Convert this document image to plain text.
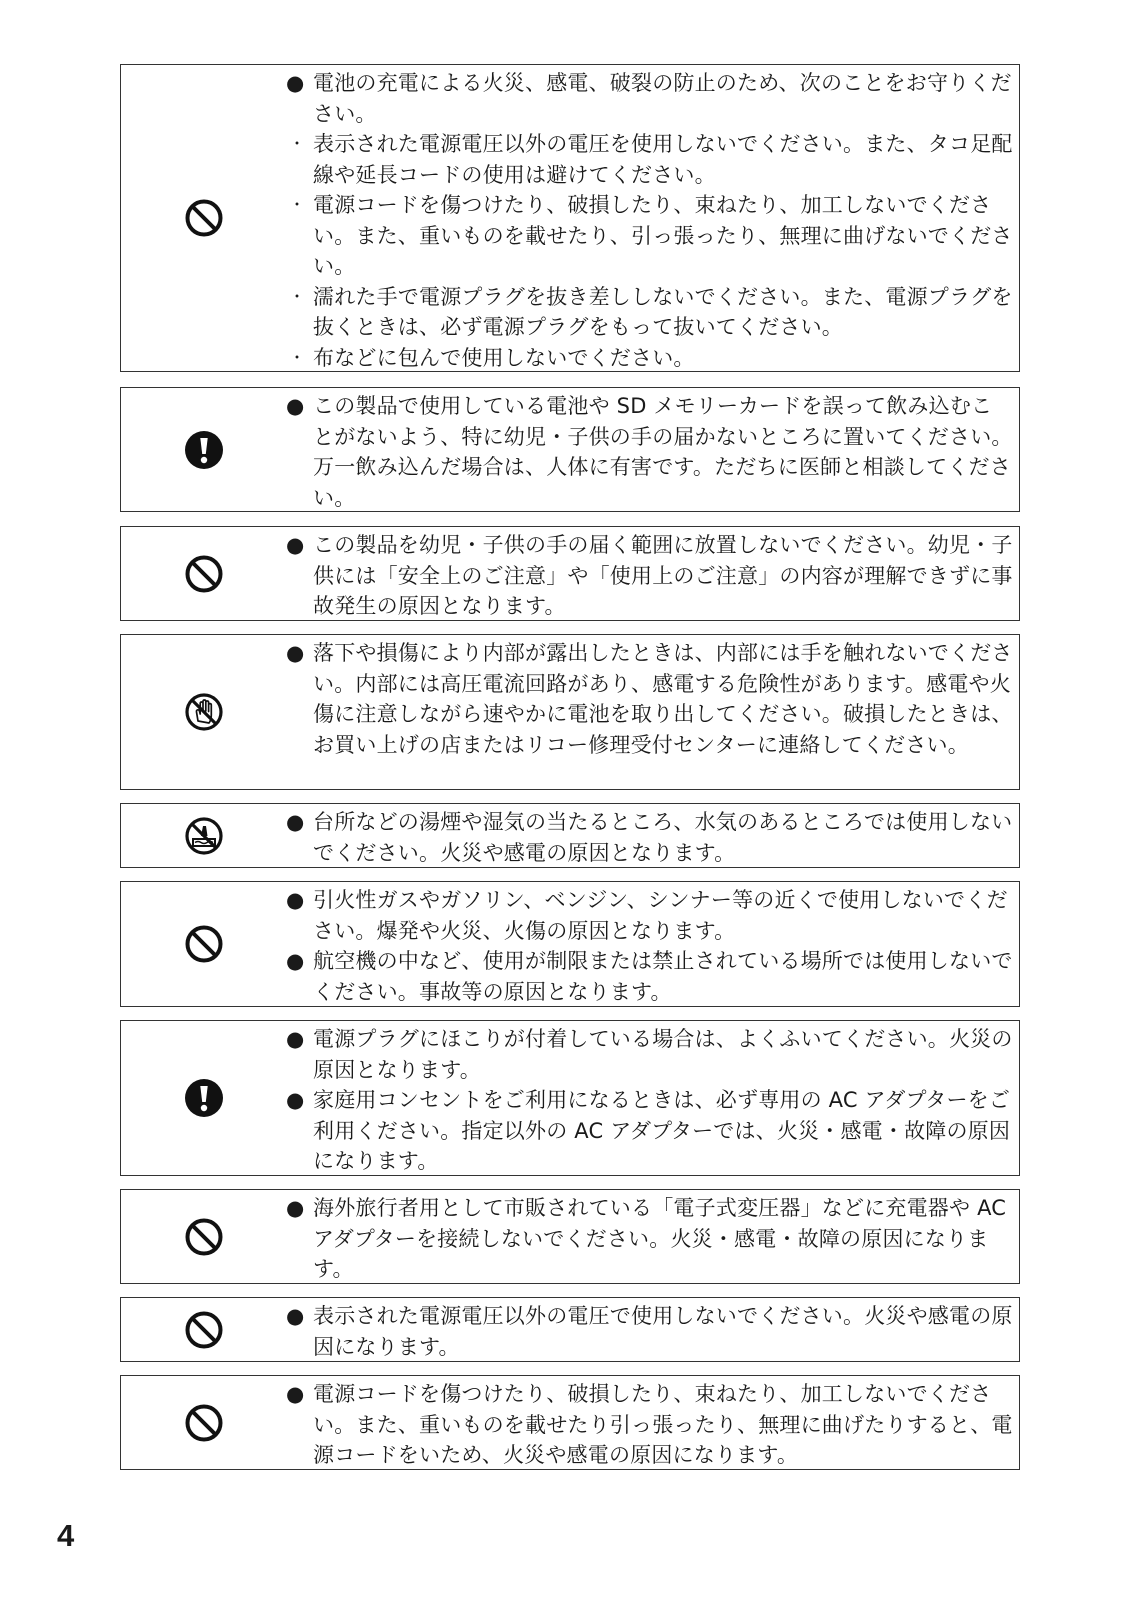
● 電池の充電による火災、感電、破裂の防止のため、次のことをお守りください。
・ 表示された電源電圧以外の電圧を使用しないでください。また、タコ足配線や延長コードの使用は避けてください。
・ 電源コードを傷つけたり、破損したり、束ねたり、加工しないでください。また、重いものを載せたり、引っ張ったり、無理に曲げないでください。
・ 濡れた手で電源プラグを抜き差ししないでください。また、電源プラグを抜くときは、必ず電源プラグをもって抜いてください。
・ 布などに包んで使用しないでください。
● この製品で使用している電池や SD メモリーカードを誤って飲み込むことがないよう、特に幼児・子供の手の届かないところに置いてください。万一飲み込んだ場合は、人体に有害です。ただちに医師と相談してください。
● この製品を幼児・子供の手の届く範囲に放置しないでください。幼児・子供には「安全上のご注意」や「使用上のご注意」の内容が理解できずに事故発生の原因となります。
● 落下や損傷により内部が露出したときは、内部には手を触れないでください。内部には高圧電流回路があり、感電する危険性があります。感電や火傷に注意しながら速やかに電池を取り出してください。破損したときは、お買い上げの店またはリコー修理受付センターに連絡してください。
● 台所などの湯煙や湿気の当たるところ、水気のあるところでは使用しないでください。火災や感電の原因となります。
● 引火性ガスやガソリン、ベンジン、シンナー等の近くで使用しないでください。爆発や火災、火傷の原因となります。
● 航空機の中など、使用が制限または禁止されている場所では使用しないでください。事故等の原因となります。
● 電源プラグにほこりが付着している場合は、よくふいてください。火災の原因となります。
● 家庭用コンセントをご利用になるときは、必ず専用の AC アダプターをご利用ください。指定以外の AC アダプターでは、火災・感電・故障の原因になります。
● 海外旅行者用として市販されている「電子式変圧器」などに充電器や AC アダプターを接続しないでください。火災・感電・故障の原因になります。
● 表示された電源電圧以外の電圧で使用しないでください。火災や感電の原因になります。
● 電源コードを傷つけたり、破損したり、束ねたり、加工しないでください。また、重いものを載せたり引っ張ったり、無理に曲げたりすると、電源コードをいため、火災や感電の原因になります。
4
